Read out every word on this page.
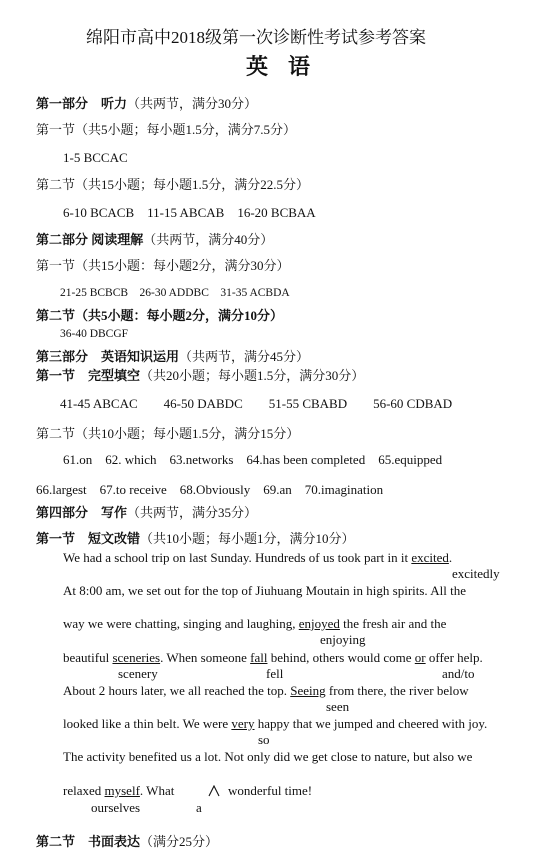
绵阳市高中2018级第一次诊断性考试参考答案
英语
第一部分　听力（共两节，满分30分）
第一节（共5小题；每小题1.5分，满分7.5分）
1-5 BCCAC
第二节（共15小题；每小题1.5分，满分22.5分）
6-10 BCACB　11-15 ABCAB　16-20 BCBAA
第二部分 阅读理解（共两节，满分40分）
第一节（共15小题：每小题2分，满分30分）
21-25 BCBCB　26-30 ADDBC　31-35 ACBDA
第二节（共5小题：每小题2分，满分10分）
36-40 DBCGF
第三部分　英语知识运用（共两节，满分45分）
第一节　 完型填空（共20小题；每小题1.5分，满分30分）
41-45 ABCAC　　46-50 DABDC　　51-55 CBABD　　56-60 CDBAD
第二节（共10小题；每小题1.5分，满分15分）
61.on　62. which　63.networks　64.has been completed　65.equipped
66.largest　67.to receive　68.Obviously　69.an　70.imagination
第四部分　写作（共两节，满分35分）
第一节　 短文改错（共10小题；每小题1分，满分10分）
We had a school trip on last Sunday. Hundreds of us took part in it excited.
excitedly
At 8:00 am, we set out for the top of Jiuhuang Moutain in high spirits. All the
way we were chatting, singing and laughing, enjoyed the fresh air and the
enjoying
beautiful sceneries. When someone fall behind, others would come or offer help.
scenery	fell	and/to
About 2 hours later, we all reached the top. Seeing from there, the river below
seen
looked like a thin belt. We were very happy that we jumped and cheered with joy.
so
The activity benefited us a lot. Not only did we get close to nature, but also we
relaxed myself. What	wonderful time!
ourselves	a
第二节　 书面表达（满分25分）
